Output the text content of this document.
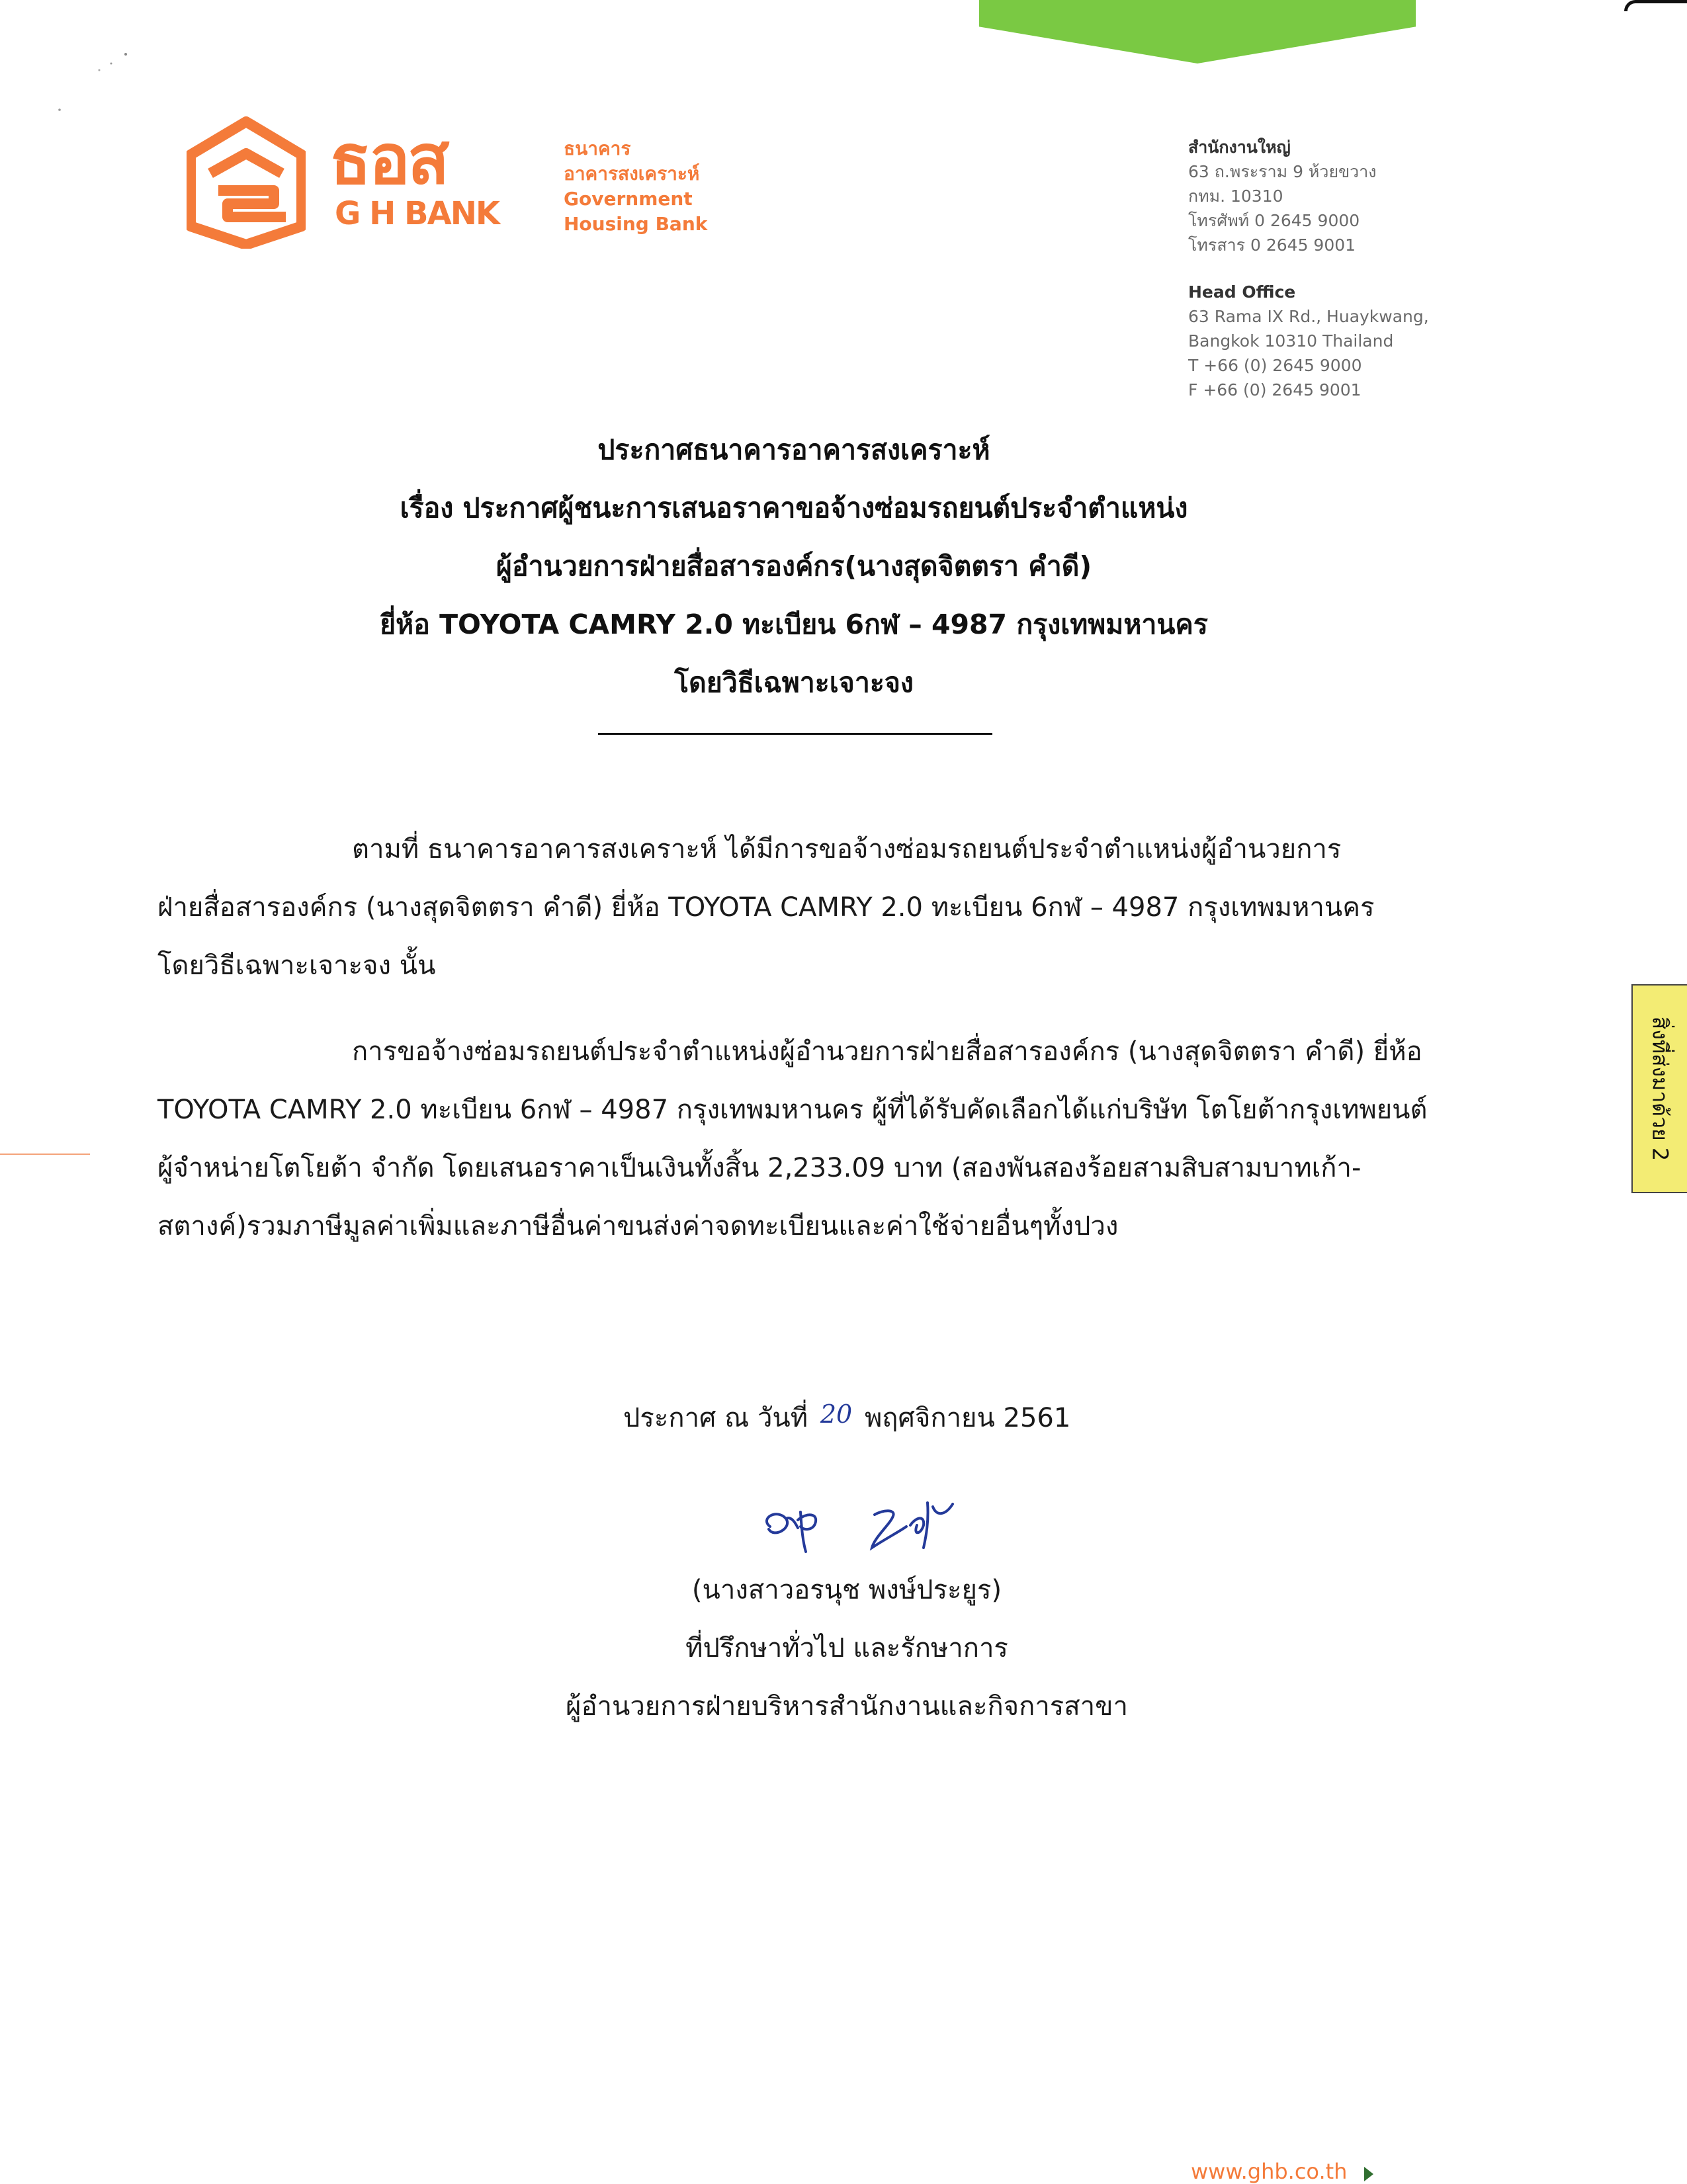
ธอส
G H BANK
ธนาคาร
อาคารสงเคราะห์
Government
Housing Bank
สำนักงานใหญ่
63 ถ.พระราม 9 ห้วยขวาง
กทม. 10310
โทรศัพท์ 0 2645 9000
โทรสาร 0 2645 9001
Head Office
63 Rama IX Rd., Huaykwang,
Bangkok 10310 Thailand
T +66 (0) 2645 9000
F +66 (0) 2645 9001
ประกาศธนาคารอาคารสงเคราะห์
เรื่อง ประกาศผู้ชนะการเสนอราคาขอจ้างซ่อมรถยนต์ประจำตำแหน่ง
ผู้อำนวยการฝ่ายสื่อสารองค์กร(นางสุดจิตตรา คำดี)
ยี่ห้อ TOYOTA CAMRY 2.0 ทะเบียน 6กฬ – 4987 กรุงเทพมหานคร
โดยวิธีเฉพาะเจาะจง
ตามที่ ธนาคารอาคารสงเคราะห์ ได้มีการขอจ้างซ่อมรถยนต์ประจำตำแหน่งผู้อำนวยการ
ฝ่ายสื่อสารองค์กร (นางสุดจิตตรา คำดี) ยี่ห้อ TOYOTA CAMRY 2.0 ทะเบียน 6กฬ – 4987 กรุงเทพมหานคร
โดยวิธีเฉพาะเจาะจง นั้น
การขอจ้างซ่อมรถยนต์ประจำตำแหน่งผู้อำนวยการฝ่ายสื่อสารองค์กร (นางสุดจิตตรา คำดี) ยี่ห้อ
TOYOTA CAMRY 2.0 ทะเบียน 6กฬ – 4987 กรุงเทพมหานคร ผู้ที่ได้รับคัดเลือกได้แก่บริษัท โตโยต้ากรุงเทพยนต์
ผู้จำหน่ายโตโยต้า จำกัด โดยเสนอราคาเป็นเงินทั้งสิ้น 2,233.09 บาท (สองพันสองร้อยสามสิบสามบาทเก้า-
สตางค์)รวมภาษีมูลค่าเพิ่มและภาษีอื่นค่าขนส่งค่าจดทะเบียนและค่าใช้จ่ายอื่นๆทั้งปวง
ประกาศ ณ วันที่ 20 พฤศจิกายน 2561
(นางสาวอรนุช พงษ์ประยูร)
ที่ปรึกษาทั่วไป และรักษาการ
ผู้อำนวยการฝ่ายบริหารสำนักงานและกิจการสาขา
สิ่งที่ส่งมาด้วย 2
www.ghb.co.th
